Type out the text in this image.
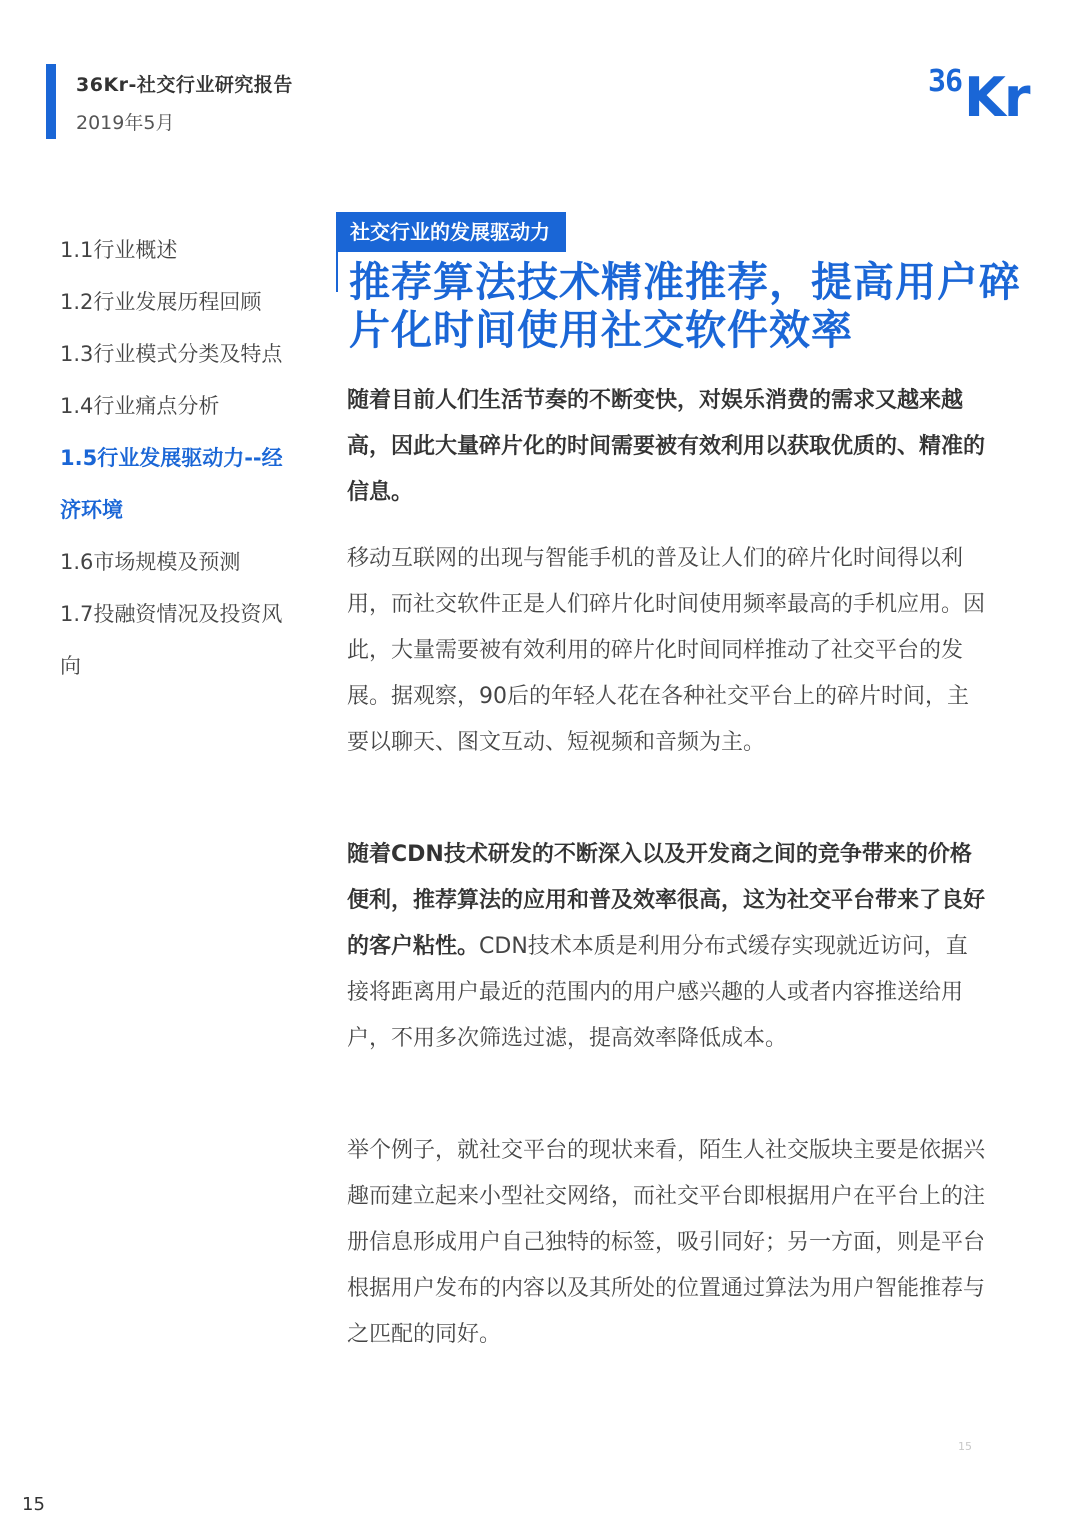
36Kr-社交行业研究报告
2019年5月
36 Kr
1.1行业概述
1.2行业发展历程回顾
1.3行业模式分类及特点
1.4行业痛点分析
1.5行业发展驱动力--经
济环境
1.6市场规模及预测
1.7投融资情况及投资风
向
社交行业的发展驱动力
推荐算法技术精准推荐，提高用户碎片化时间使用社交软件效率

随着目前人们生活节奏的不断变快，对娱乐消费的需求又越来越高，因此大量碎片化的时间需要被有效利用以获取优质的、精准的信息。

移动互联网的出现与智能手机的普及让人们的碎片化时间得以利用，而社交软件正是人们碎片化时间使用频率最高的手机应用。因此，大量需要被有效利用的碎片化时间同样推动了社交平台的发展。据观察，90后的年轻人花在各种社交平台上的碎片时间，主要以聊天、图文互动、短视频和音频为主。

随着CDN技术研发的不断深入以及开发商之间的竞争带来的价格便利，推荐算法的应用和普及效率很高，这为社交平台带来了良好的客户粘性。CDN技术本质是利用分布式缓存实现就近访问，直接将距离用户最近的范围内的用户感兴趣的人或者内容推送给用户，不用多次筛选过滤，提高效率降低成本。

举个例子，就社交平台的现状来看，陌生人社交版块主要是依据兴趣而建立起来小型社交网络，而社交平台即根据用户在平台上的注册信息形成用户自己独特的标签，吸引同好；另一方面，则是平台根据用户发布的内容以及其所处的位置通过算法为用户智能推荐与之匹配的同好。

15
15
